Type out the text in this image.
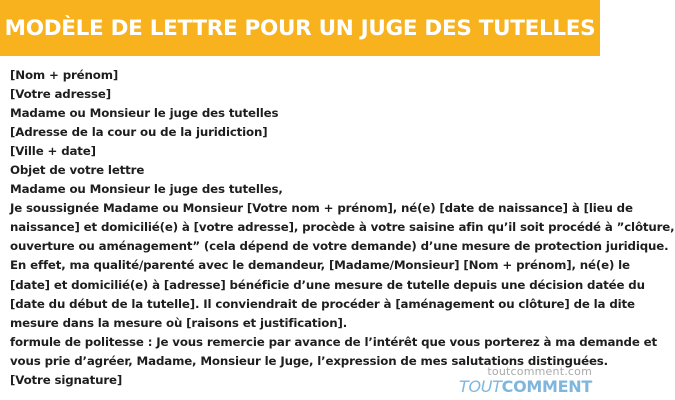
MODÈLE DE LETTRE POUR UN JUGE DES TUTELLES
[Nom + prénom]
[Votre adresse]
Madame ou Monsieur le juge des tutelles
[Adresse de la cour ou de la juridiction]
[Ville + date]
Objet de votre lettre
Madame ou Monsieur le juge des tutelles,
Je soussignée Madame ou Monsieur [Votre nom + prénom], né(e) [date de naissance] à [lieu de
naissance] et domicilié(e) à [votre adresse], procède à votre saisine afin qu’il soit procédé à ”clôture,
ouverture ou aménagement” (cela dépend de votre demande) d’une mesure de protection juridique.
En effet, ma qualité/parenté avec le demandeur, [Madame/Monsieur] [Nom + prénom], né(e) le
[date] et domicilié(e) à [adresse] bénéficie d’une mesure de tutelle depuis une décision datée du
[date du début de la tutelle]. Il conviendrait de procéder à [aménagement ou clôture] de la dite
mesure dans la mesure où [raisons et justification].
formule de politesse : Je vous remercie par avance de l’intérêt que vous porterez à ma demande et
vous prie d’agréer, Madame, Monsieur le Juge, l’expression de mes salutations distinguées.
[Votre signature]
toutcomment.com
TOUTCOMMENT
